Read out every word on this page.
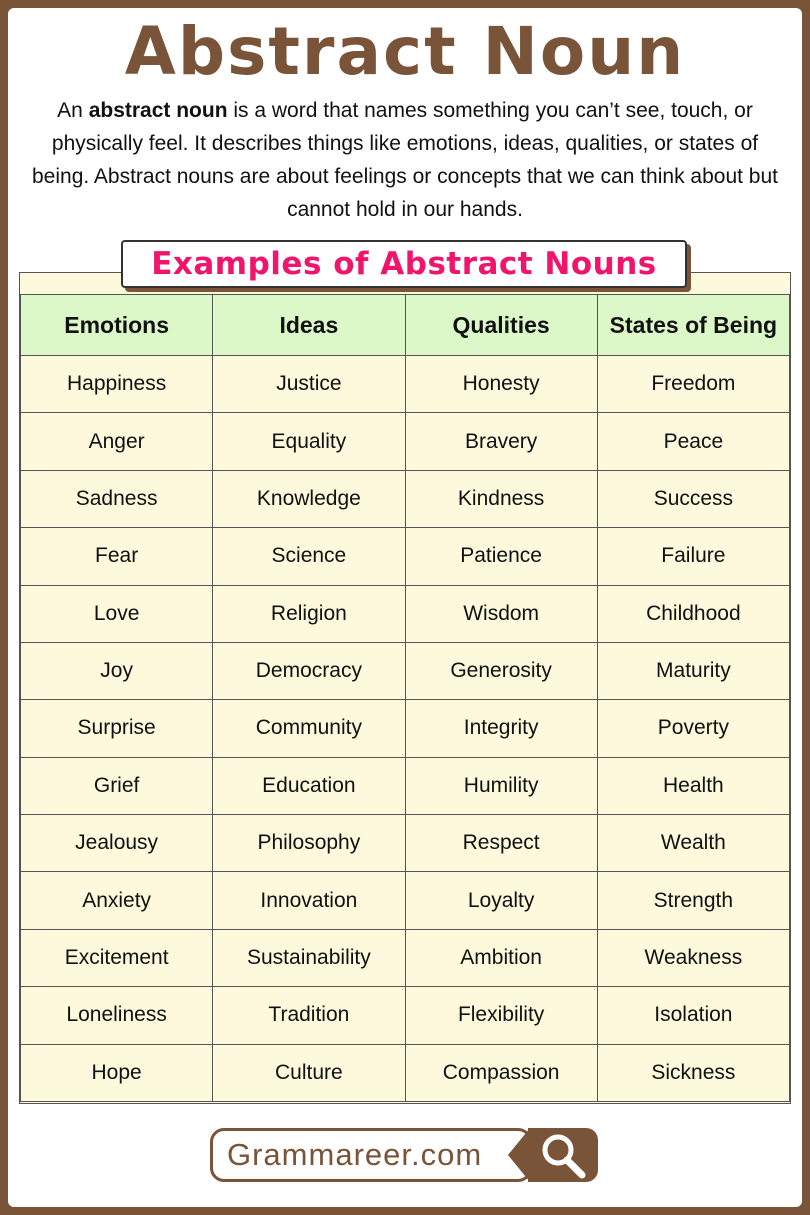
Abstract Noun
An abstract noun is a word that names something you can’t see, touch, or physically feel. It describes things like emotions, ideas, qualities, or states of being. Abstract nouns are about feelings or concepts that we can think about but cannot hold in our hands.
Emotions	Ideas	Qualities	States of Being
Happiness	Justice	Honesty	Freedom
Anger	Equality	Bravery	Peace
Sadness	Knowledge	Kindness	Success
Fear	Science	Patience	Failure
Love	Religion	Wisdom	Childhood
Joy	Democracy	Generosity	Maturity
Surprise	Community	Integrity	Poverty
Grief	Education	Humility	Health
Jealousy	Philosophy	Respect	Wealth
Anxiety	Innovation	Loyalty	Strength
Excitement	Sustainability	Ambition	Weakness
Loneliness	Tradition	Flexibility	Isolation
Hope	Culture	Compassion	Sickness
Examples of Abstract Nouns
Grammareer.com
